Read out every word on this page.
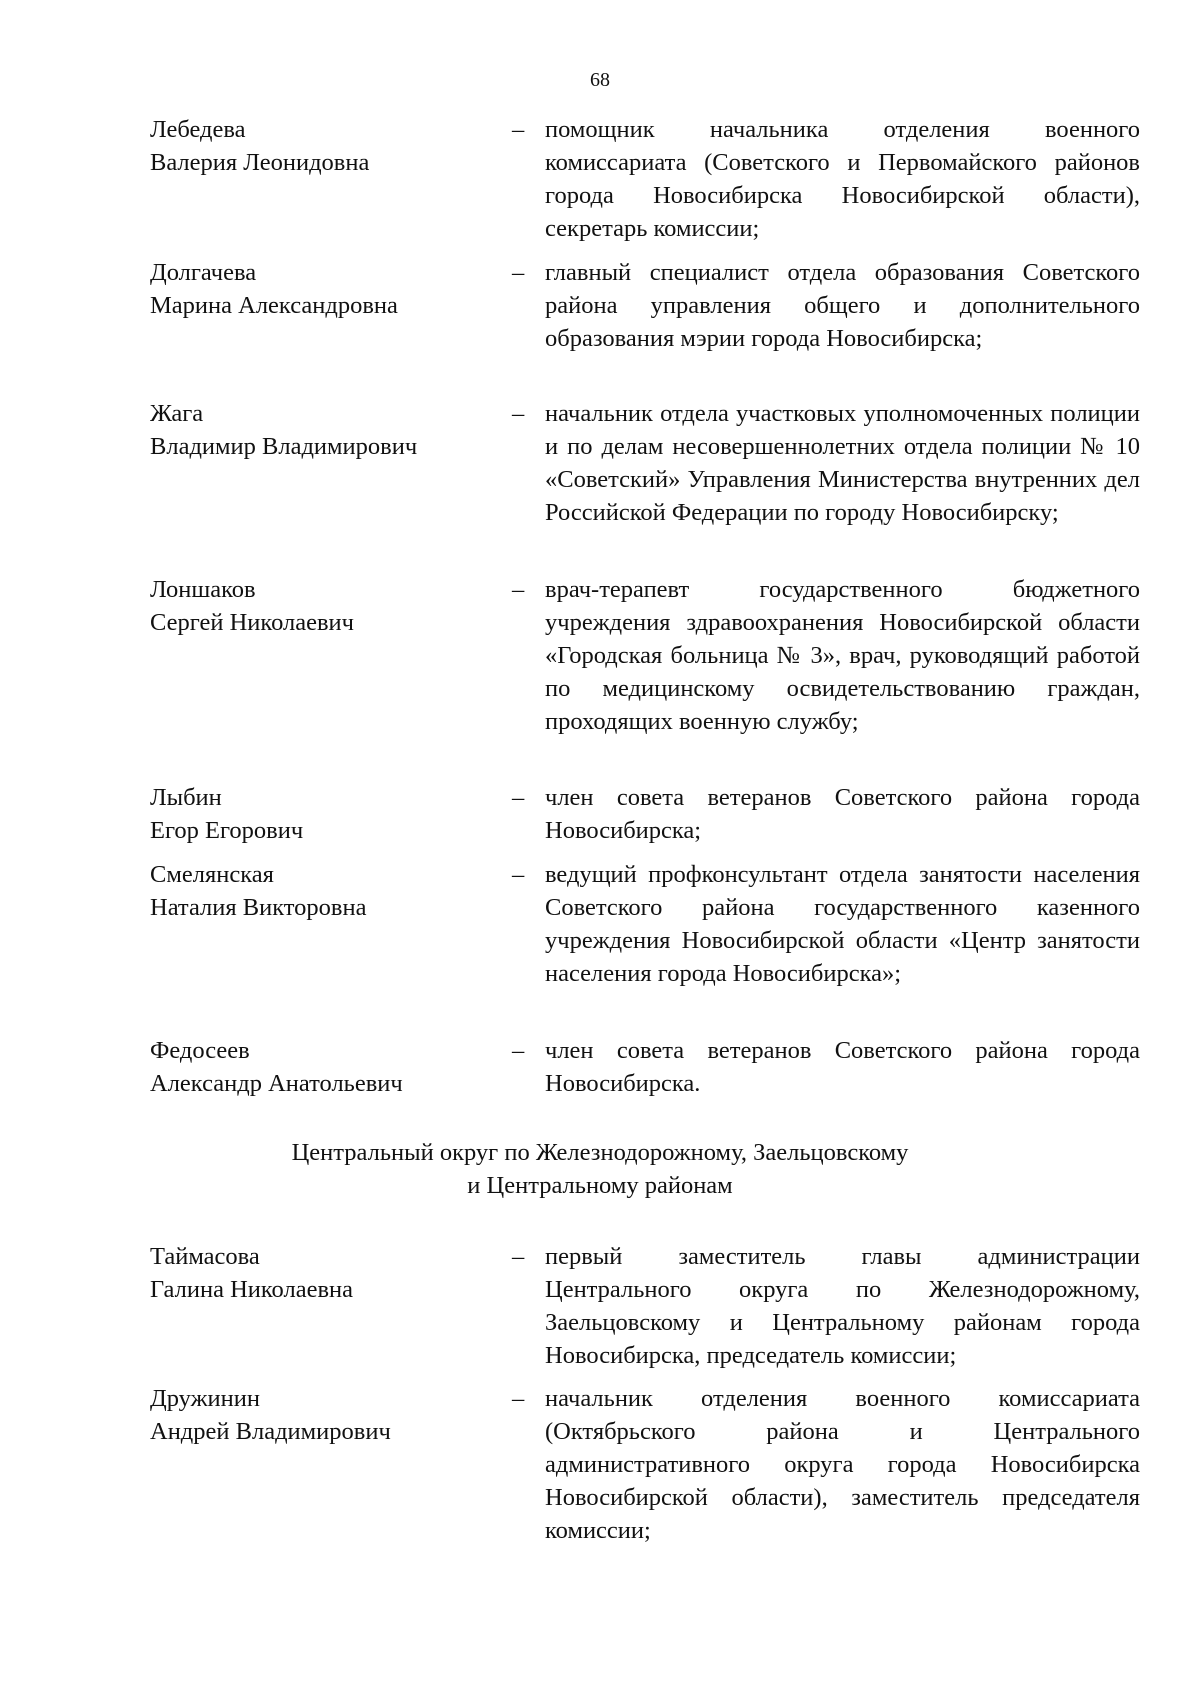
68
Лебедева
Валерия Леонидовна
– помощник начальника отделения военного комиссариата (Советского и Первомайского районов города Новосибирска Новосибирской области), секретарь комиссии;
Долгачева
Марина Александровна
– главный специалист отдела образования Советского района управления общего и дополнительного образования мэрии города Новосибирска;
Жага
Владимир Владимирович
– начальник отдела участковых уполномоченных полиции и по делам несовершеннолетних отдела полиции № 10 «Советский» Управления Министерства внутренних дел Российской Федерации по городу Новосибирску;
Лоншаков
Сергей Николаевич
– врач-терапевт государственного бюджетного учреждения здравоохранения Новосибирской области «Городская больница № 3», врач, руководящий работой по медицинскому освидетельствованию граждан, проходящих военную службу;
Лыбин
Егор Егорович
– член совета ветеранов Советского района города Новосибирска;
Смелянская
Наталия Викторовна
– ведущий профконсультант отдела занятости населения Советского района государственного казенного учреждения Новосибирской области «Центр занятости населения города Новосибирска»;
Федосеев
Александр Анатольевич
– член совета ветеранов Советского района города Новосибирска.
Центральный округ по Железнодорожному, Заельцовскому
и Центральному районам
Таймасова
Галина Николаевна
– первый заместитель главы администрации Центрального округа по Железнодорожному, Заельцовскому и Центральному районам города Новосибирска, председатель комиссии;
Дружинин
Андрей Владимирович
– начальник отделения военного комиссариата (Октябрьского района и Центрального административного округа города Новосибирска Новосибирской области), заместитель председателя комиссии;
